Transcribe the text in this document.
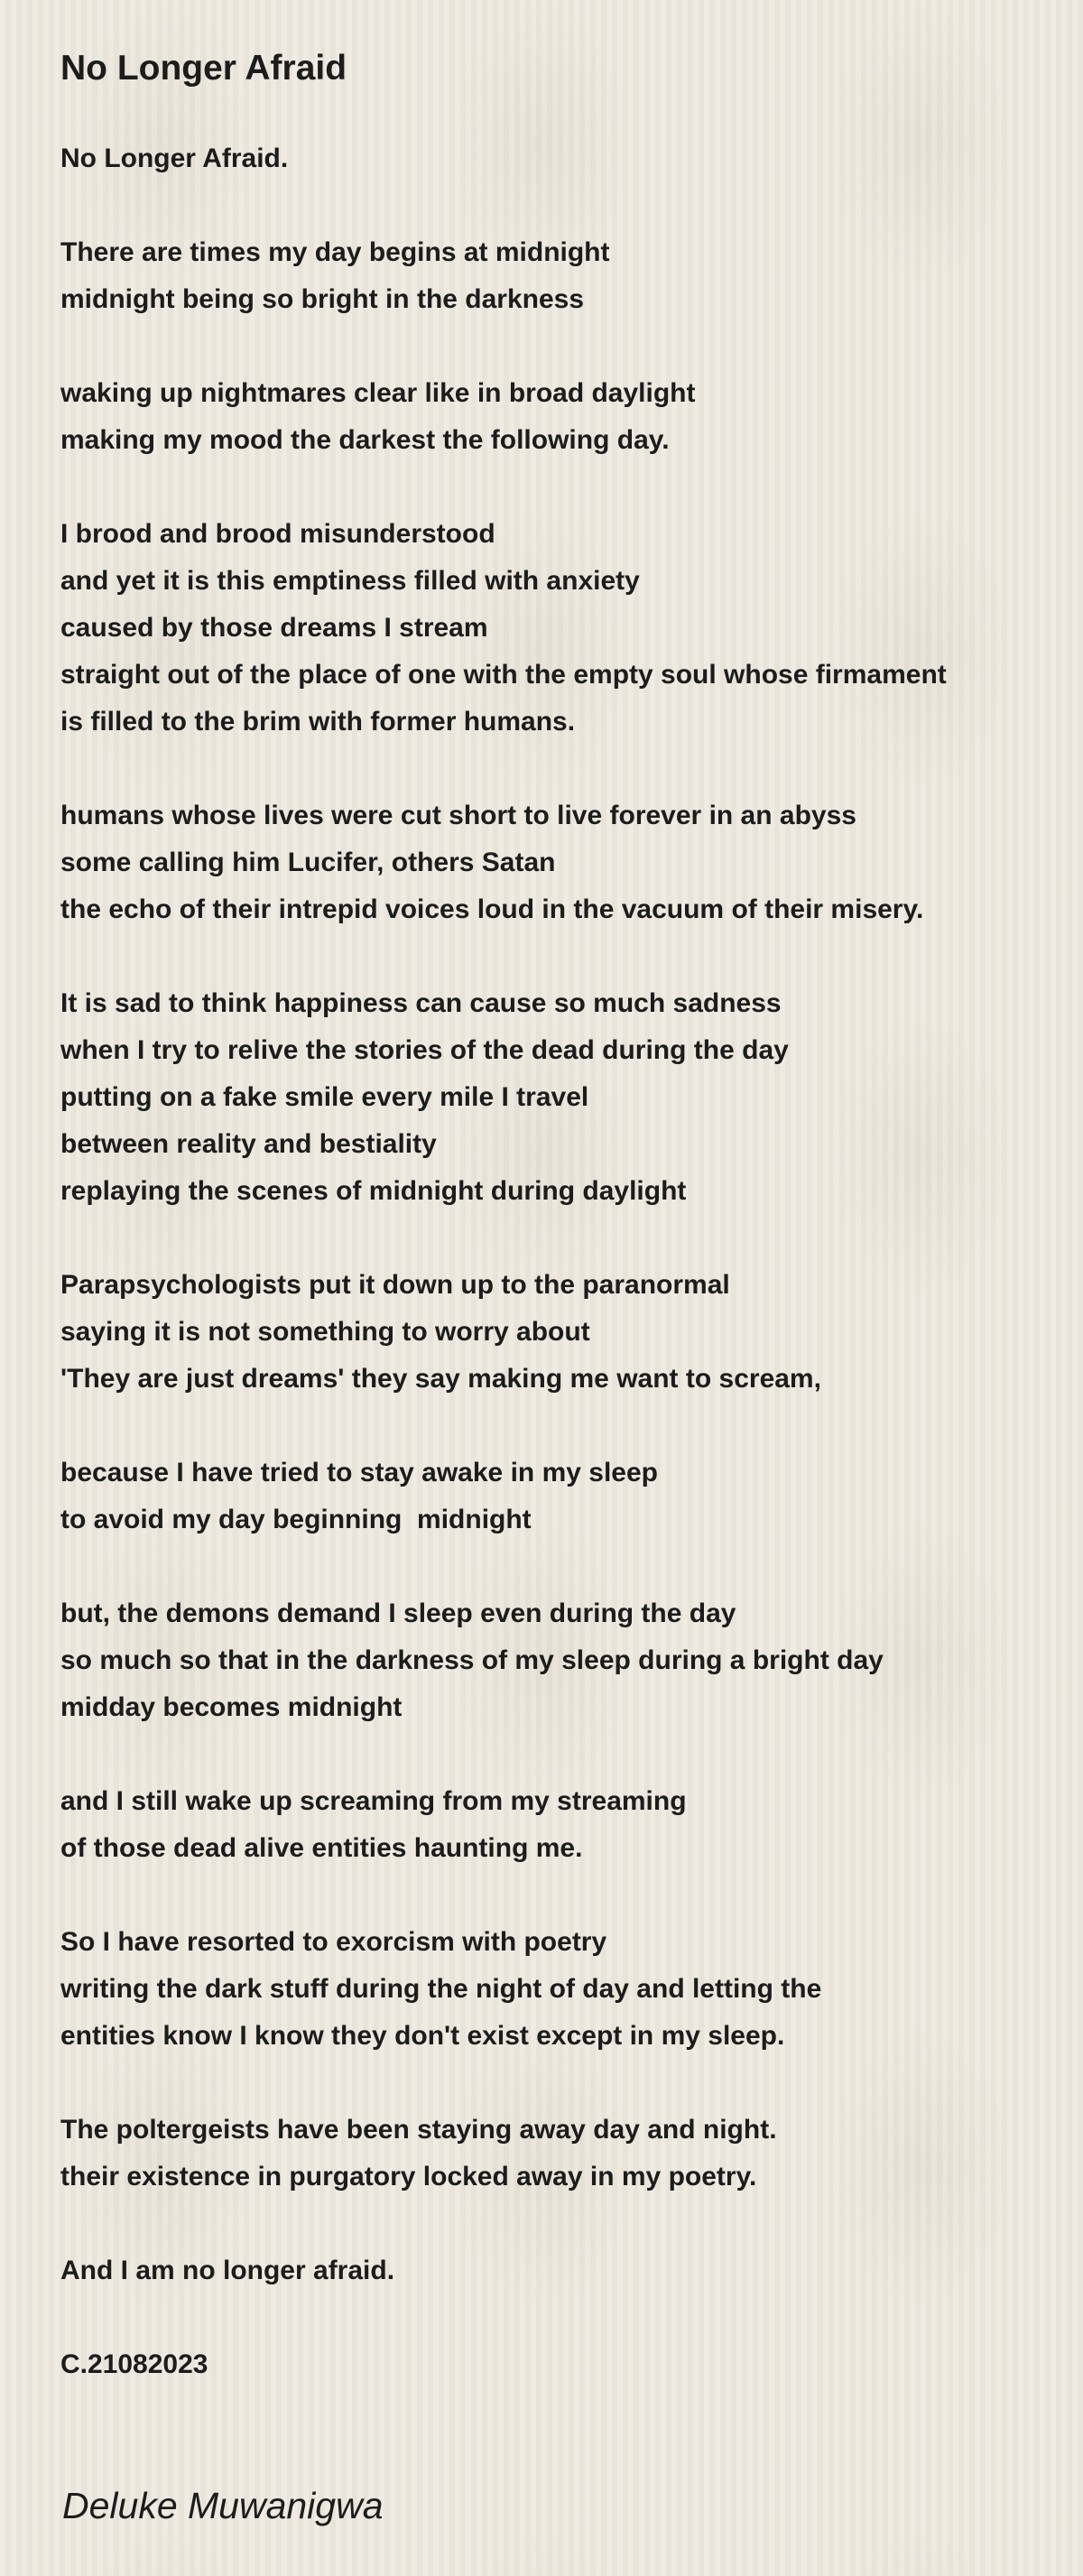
No Longer Afraid
No Longer Afraid.

There are times my day begins at midnight
midnight being so bright in the darkness

waking up nightmares clear like in broad daylight
making my mood the darkest the following day.

I brood and brood misunderstood
and yet it is this emptiness filled with anxiety
caused by those dreams I stream
straight out of the place of one with the empty soul whose firmament
is filled to the brim with former humans.

humans whose lives were cut short to live forever in an abyss
some calling him Lucifer, others Satan
the echo of their intrepid voices loud in the vacuum of their misery.

It is sad to think happiness can cause so much sadness
when I try to relive the stories of the dead during the day
putting on a fake smile every mile I travel
between reality and bestiality
replaying the scenes of midnight during daylight

Parapsychologists put it down up to the paranormal
saying it is not something to worry about
'They are just dreams' they say making me want to scream,

because I have tried to stay awake in my sleep
to avoid my day beginning  midnight

but, the demons demand I sleep even during the day
so much so that in the darkness of my sleep during a bright day
midday becomes midnight

and I still wake up screaming from my streaming
of those dead alive entities haunting me.

So I have resorted to exorcism with poetry
writing the dark stuff during the night of day and letting the
entities know I know they don't exist except in my sleep.

The poltergeists have been staying away day and night.
their existence in purgatory locked away in my poetry.

And I am no longer afraid.

C.21082023
Deluke Muwanigwa
